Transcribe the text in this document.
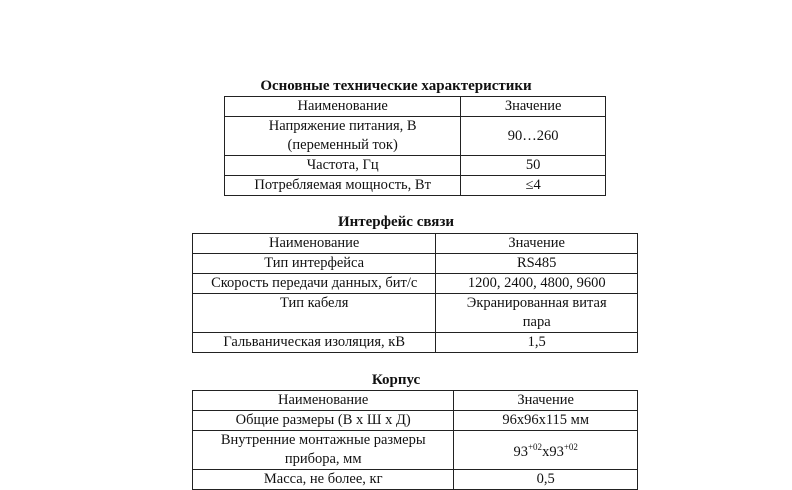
Основные технические характеристики
Наименование	Значение

Напряжение питания, В
(переменный ток)	90…260
Частота, Гц	50
Потребляемая мощность, Вт	≤4
Интерфейс связи
Наименование	Значение
Тип интерфейса	RS485
Скорость передачи данных, бит/с	1200, 2400, 4800, 9600
Тип кабеля	Экранированная витая
пара

Гальваническая изоляция, кВ	1,5
Корпус
Наименование	Значение
Общие размеры (В х Ш х Д)	96х96х115 мм

Внутренние монтажные размеры
прибора, мм	$93^{+02}х93^{+02}$
Масса, не более, кг	0,5
